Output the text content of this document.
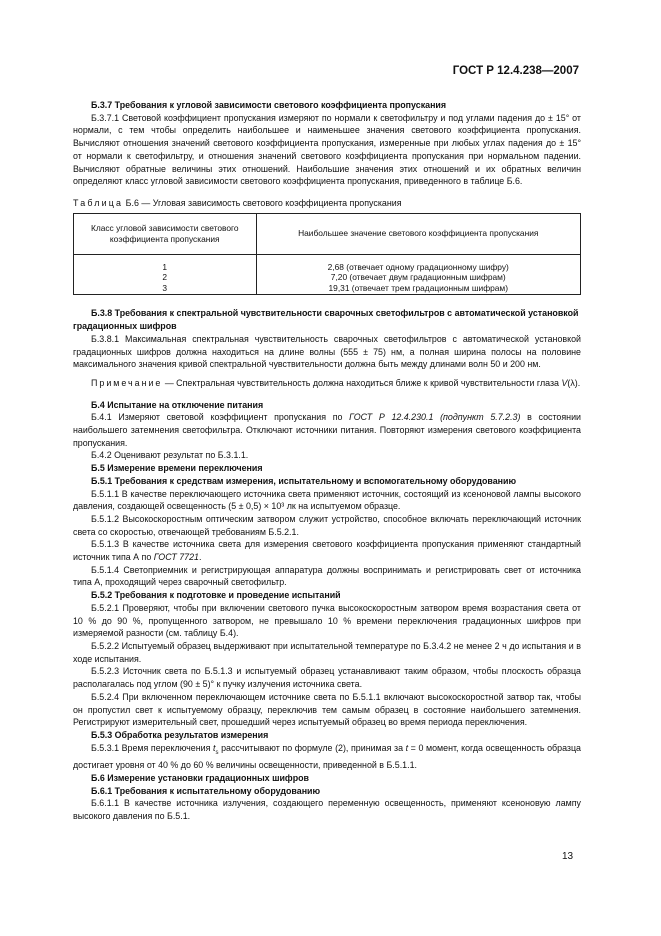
ГОСТ Р 12.4.238—2007

Б.3.7 Требования к угловой зависимости светового коэффициента пропускания

Б.3.7.1 Световой коэффициент пропускания измеряют по нормали к светофильтру и под углами падения до ± 15° от нормали, с тем чтобы определить наибольшее и наименьшее значения светового коэффициента пропускания. Вычисляют отношения значений светового коэффициента пропускания, измеренные при любых углах падения до ± 15° от нормали к светофильтру, и отношения значений светового коэффициента пропускания при нормальном падении. Вычисляют обратные величины этих отношений. Наибольшие значения этих отношений и их обратных величин определяют класс угловой зависимости светового коэффициента пропускания, приведенного в таблице Б.6.

Таблица Б.6 — Угловая зависимость светового коэффициента пропускания
Класс угловой зависимости светового коэффициента пропускания	Наибольшее значение светового коэффициента пропускания
1	2,68 (отвечает одному градационному шифру)
2	7,20 (отвечает двум градационным шифрам)
3	19,31 (отвечает трем градационным шифрам)

Б.3.8 Требования к спектральной чувствительности сварочных светофильтров с автоматической установкой градационных шифров

Б.3.8.1 Максимальная спектральная чувствительность сварочных светофильтров с автоматической установкой градационных шифров должна находиться на длине волны (555 ± 75) нм, а полная ширина полосы на половине максимального значения кривой спектральной чувствительности должна быть между длинами волн 50 и 200 нм.

Примечание — Спектральная чувствительность должна находиться ближе к кривой чувствительности глаза V(λ).

Б.4 Испытание на отключение питания

Б.4.1 Измеряют световой коэффициент пропускания по ГОСТ Р 12.4.230.1 (подпункт 5.7.2.3) в состоянии наибольшего затемнения светофильтра. Отключают источники питания. Повторяют измерения светового коэффициента пропускания.

Б.4.2 Оценивают результат по Б.3.1.1.

Б.5 Измерение времени переключения

Б.5.1 Требования к средствам измерения, испытательному и вспомогательному оборудованию

Б.5.1.1 В качестве переключающего источника света применяют источник, состоящий из ксеноновой лампы высокого давления, создающей освещенность (5 ± 0,5) × 10³ лк на испытуемом образце.

Б.5.1.2 Высокоскоростным оптическим затвором служит устройство, способное включать переключающий источник света со скоростью, отвечающей требованиям Б.5.2.1.

Б.5.1.3 В качестве источника света для измерения светового коэффициента пропускания применяют стандартный источник типа А по ГОСТ 7721.

Б.5.1.4 Светоприемник и регистрирующая аппаратура должны воспринимать и регистрировать свет от источника типа А, проходящий через сварочный светофильтр.

Б.5.2 Требования к подготовке и проведение испытаний

Б.5.2.1 Проверяют, чтобы при включении светового пучка высокоскоростным затвором время возрастания света от 10 % до 90 %, пропущенного затвором, не превышало 10 % времени переключения градационных шифров при измеряемой разности (см. таблицу Б.4).

Б.5.2.2 Испытуемый образец выдерживают при испытательной температуре по Б.3.4.2 не менее 2 ч до испытания и в ходе испытания.

Б.5.2.3 Источник света по Б.5.1.3 и испытуемый образец устанавливают таким образом, чтобы плоскость образца располагалась под углом (90 ± 5)° к пучку излучения источника света.

Б.5.2.4 При включенном переключающем источнике света по Б.5.1.1 включают высокоскоростной затвор так, чтобы он пропустил свет к испытуемому образцу, переключив тем самым образец в состояние наибольшего затемнения. Регистрируют измерительный свет, прошедший через испытуемый образец во время периода переключения.

Б.5.3 Обработка результатов измерения

Б.5.3.1 Время переключения $t_s$ рассчитывают по формуле (2), принимая за t = 0 момент, когда освещенность образца достигает уровня от 40 % до 60 % величины освещенности, приведенной в Б.5.1.1.

Б.6 Измерение установки градационных шифров

Б.6.1 Требования к испытательному оборудованию

Б.6.1.1 В качестве источника излучения, создающего переменную освещенность, применяют ксеноновую лампу высокого давления по Б.5.1.

13
